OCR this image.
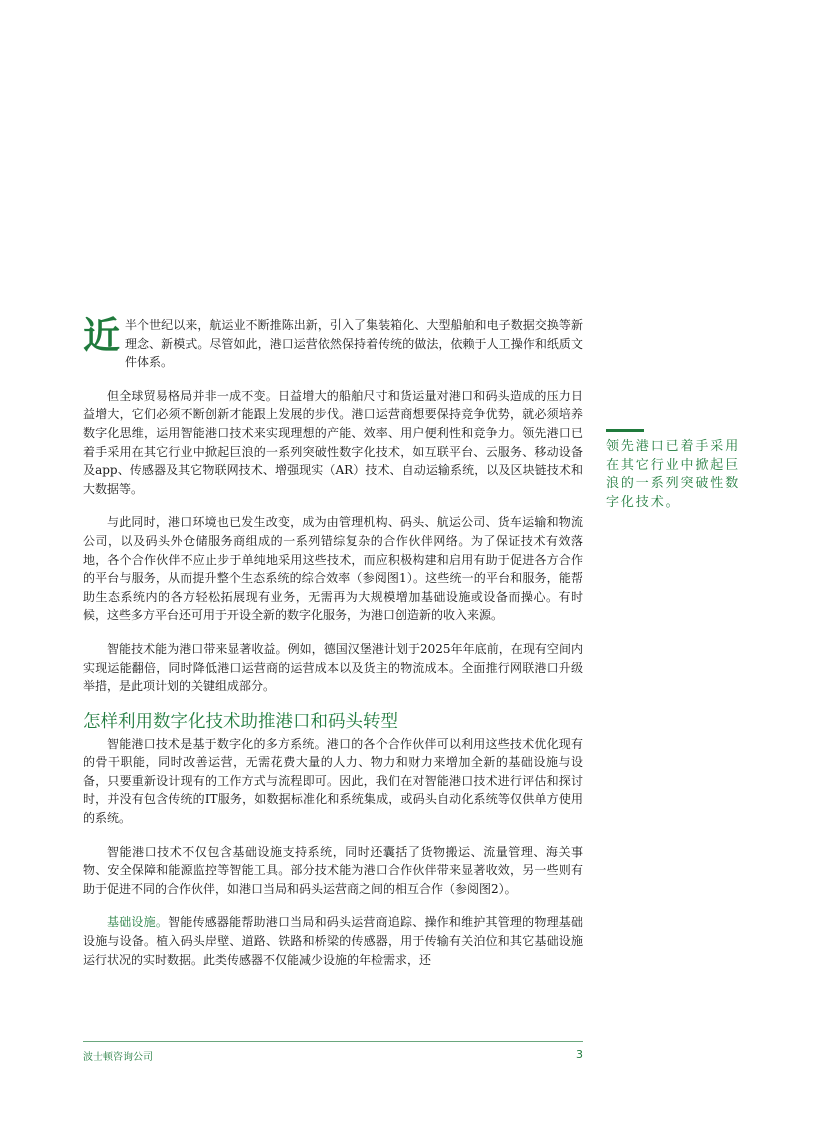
近半个世纪以来，航运业不断推陈出新，引入了集装箱化、大型船舶和电子数据交换等新理念、新模式。尽管如此，港口运营依然保持着传统的做法，依赖于人工操作和纸质文件体系。
但全球贸易格局并非一成不变。日益增大的船舶尺寸和货运量对港口和码头造成的压力日益增大，它们必须不断创新才能跟上发展的步伐。港口运营商想要保持竞争优势，就必须培养数字化思维，运用智能港口技术来实现理想的产能、效率、用户便利性和竞争力。领先港口已着手采用在其它行业中掀起巨浪的一系列突破性数字化技术，如互联平台、云服务、移动设备及app、传感器及其它物联网技术、增强现实（AR）技术、自动运输系统，以及区块链技术和大数据等。
与此同时，港口环境也已发生改变，成为由管理机构、码头、航运公司、货车运输和物流公司，以及码头外仓储服务商组成的一系列错综复杂的合作伙伴网络。为了保证技术有效落地，各个合作伙伴不应止步于单纯地采用这些技术，而应积极构建和启用有助于促进各方合作的平台与服务，从而提升整个生态系统的综合效率（参阅图1）。这些统一的平台和服务，能帮助生态系统内的各方轻松拓展现有业务，无需再为大规模增加基础设施或设备而操心。有时候，这些多方平台还可用于开设全新的数字化服务，为港口创造新的收入来源。
智能技术能为港口带来显著收益。例如，德国汉堡港计划于2025年年底前，在现有空间内实现运能翻倍，同时降低港口运营商的运营成本以及货主的物流成本。全面推行网联港口升级举措，是此项计划的关键组成部分。
怎样利用数字化技术助推港口和码头转型
智能港口技术是基于数字化的多方系统。港口的各个合作伙伴可以利用这些技术优化现有的骨干职能，同时改善运营，无需花费大量的人力、物力和财力来增加全新的基础设施与设备，只要重新设计现有的工作方式与流程即可。因此，我们在对智能港口技术进行评估和探讨时，并没有包含传统的IT服务，如数据标准化和系统集成，或码头自动化系统等仅供单方使用的系统。
智能港口技术不仅包含基础设施支持系统，同时还囊括了货物搬运、流量管理、海关事物、安全保障和能源监控等智能工具。部分技术能为港口合作伙伴带来显著收效，另一些则有助于促进不同的合作伙伴，如港口当局和码头运营商之间的相互合作（参阅图2）。
基础设施。智能传感器能帮助港口当局和码头运营商追踪、操作和维护其管理的物理基础设施与设备。植入码头岸壁、道路、铁路和桥梁的传感器，用于传输有关泊位和其它基础设施运行状况的实时数据。此类传感器不仅能减少设施的年检需求，还
领先港口已着手采用在其它行业中掀起巨浪的一系列突破性数字化技术。
波士顿咨询公司	3
